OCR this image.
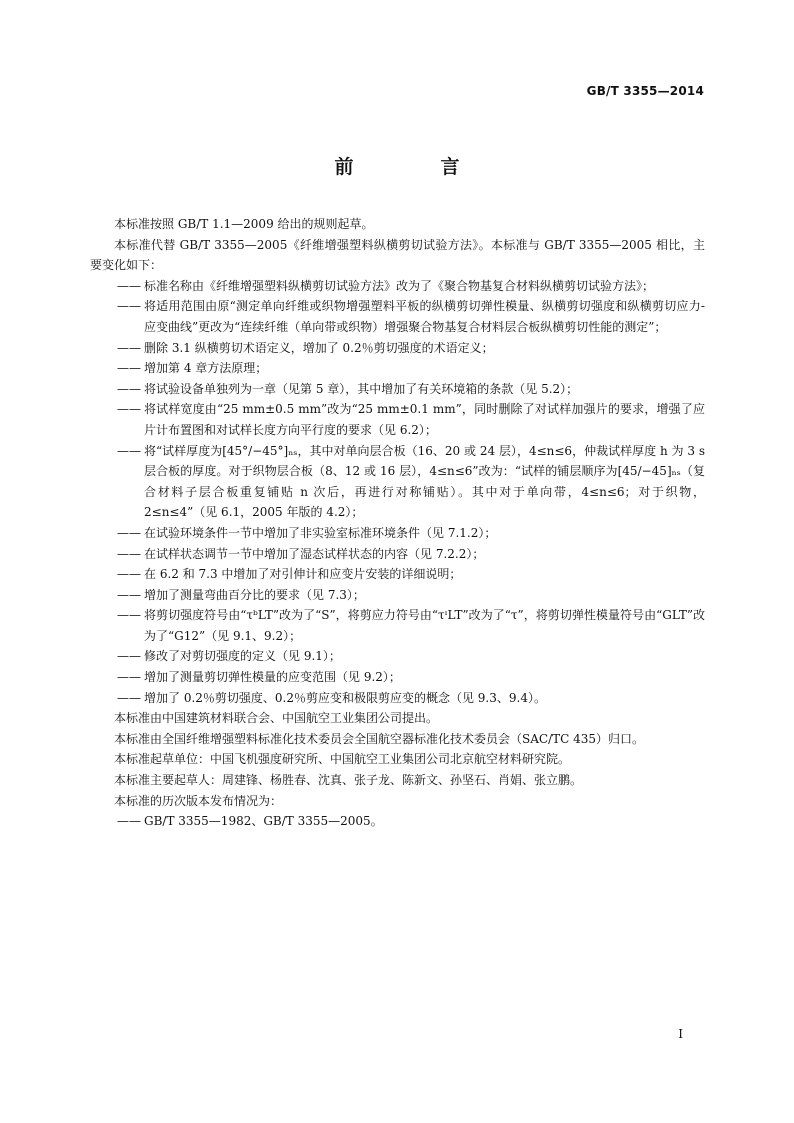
GB/T 3355—2014
前　言

本标准按照 GB/T 1.1—2009 给出的规则起草。

本标准代替 GB/T 3355—2005《纤维增强塑料纵横剪切试验方法》。本标准与 GB/T 3355—2005 相比，主要变化如下：

—— 标准名称由《纤维增强塑料纵横剪切试验方法》改为了《聚合物基复合材料纵横剪切试验方法》；

—— 将适用范围由原“测定单向纤维或织物增强塑料平板的纵横剪切弹性模量、纵横剪切强度和纵横剪切应力-应变曲线”更改为“连续纤维（单向带或织物）增强聚合物基复合材料层合板纵横剪切性能的测定”；

—— 删除 3.1 纵横剪切术语定义，增加了 0.2％剪切强度的术语定义；

—— 增加第 4 章方法原理；

—— 将试验设备单独列为一章（见第 5 章），其中增加了有关环境箱的条款（见 5.2）；

—— 将试样宽度由“25 mm±0.5 mm”改为“25 mm±0.1 mm”，同时删除了对试样加强片的要求，增强了应片计布置图和对试样长度方向平行度的要求（见 6.2）；

—— 将“试样厚度为[45°/−45°]ₙₛ，其中对单向层合板（16、20 或 24 层），4≤n≤6，仲裁试样厚度 h 为 3 s 层合板的厚度。对于织物层合板（8、12 或 16 层），4≤n≤6”改为：“试样的铺层顺序为[45/−45]ₙₛ（复合材料子层合板重复铺贴 n 次后，再进行对称铺贴）。其中对于单向带，4≤n≤6；对于织物，2≤n≤4”（见 6.1，2005 年版的 4.2）；

—— 在试验环境条件一节中增加了非实验室标准环境条件（见 7.1.2）；

—— 在试样状态调节一节中增加了湿态试样状态的内容（见 7.2.2）；

—— 在 6.2 和 7.3 中增加了对引伸计和应变片安装的详细说明；

—— 增加了测量弯曲百分比的要求（见 7.3）；

—— 将剪切强度符号由“τᵇLT”改为了“S”，将剪应力符号由“τᶦLT”改为了“τ”，将剪切弹性模量符号由“GLT”改为了“G12”（见 9.1、9.2）；

—— 修改了对剪切强度的定义（见 9.1）；

—— 增加了测量剪切弹性模量的应变范围（见 9.2）；

—— 增加了 0.2％剪切强度、0.2％剪应变和极限剪应变的概念（见 9.3、9.4）。

本标准由中国建筑材料联合会、中国航空工业集团公司提出。

本标准由全国纤维增强塑料标准化技术委员会全国航空器标准化技术委员会（SAC/TC 435）归口。

本标准起草单位：中国飞机强度研究所、中国航空工业集团公司北京航空材料研究院。

本标准主要起草人：周建锋、杨胜春、沈真、张子龙、陈新文、孙坚石、肖娟、张立鹏。

本标准的历次版本发布情况为：

—— GB/T 3355—1982、GB/T 3355—2005。

I
